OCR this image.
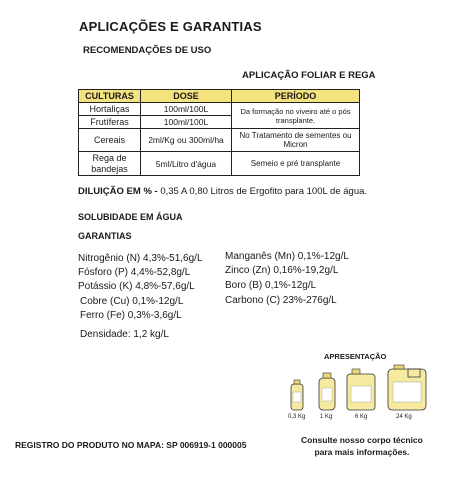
APLICAÇÕES E GARANTIAS
RECOMENDAÇÕES DE USO
APLICAÇÃO FOLIAR E REGA
CULTURAS	DOSE	PERÍODO
Hortaliças	100ml/100L	Da formação no viveiro até o pós transplante.
Frutíferas	100ml/100L	
Cereais	2ml/Kg ou 300ml/ha	No Tratamento de sementes ou Micron
Rega de bandejas	5ml/Litro d'água	Semeio e pré transplante
DILUIÇÃO EM % - 0,35 A 0,80 Litros de Ergofito para 100L de água.
SOLUBIDADE EM ÁGUA
GARANTIAS
Nitrogênio (N) 4,3%-51,6g/L
Fósforo (P) 4,4%-52,8g/L
Potássio (K) 4,8%-57,6g/L
Cobre (Cu) 0,1%-12g/L
Ferro (Fe) 0,3%-3,6g/L
Manganês (Mn) 0,1%-12g/L
Zinco (Zn) 0,16%-19,2g/L
Boro (B) 0,1%-12g/L
Carbono (C) 23%-276g/L
Densidade: 1,2 kg/L
APRESENTAÇÃO
0,3 Kg 1 Kg	6 Kg	24 Kg
REGISTRO DO PRODUTO NO MAPA: SP 006919-1 000005	Consulte nosso corpo técnico
para mais informações.
